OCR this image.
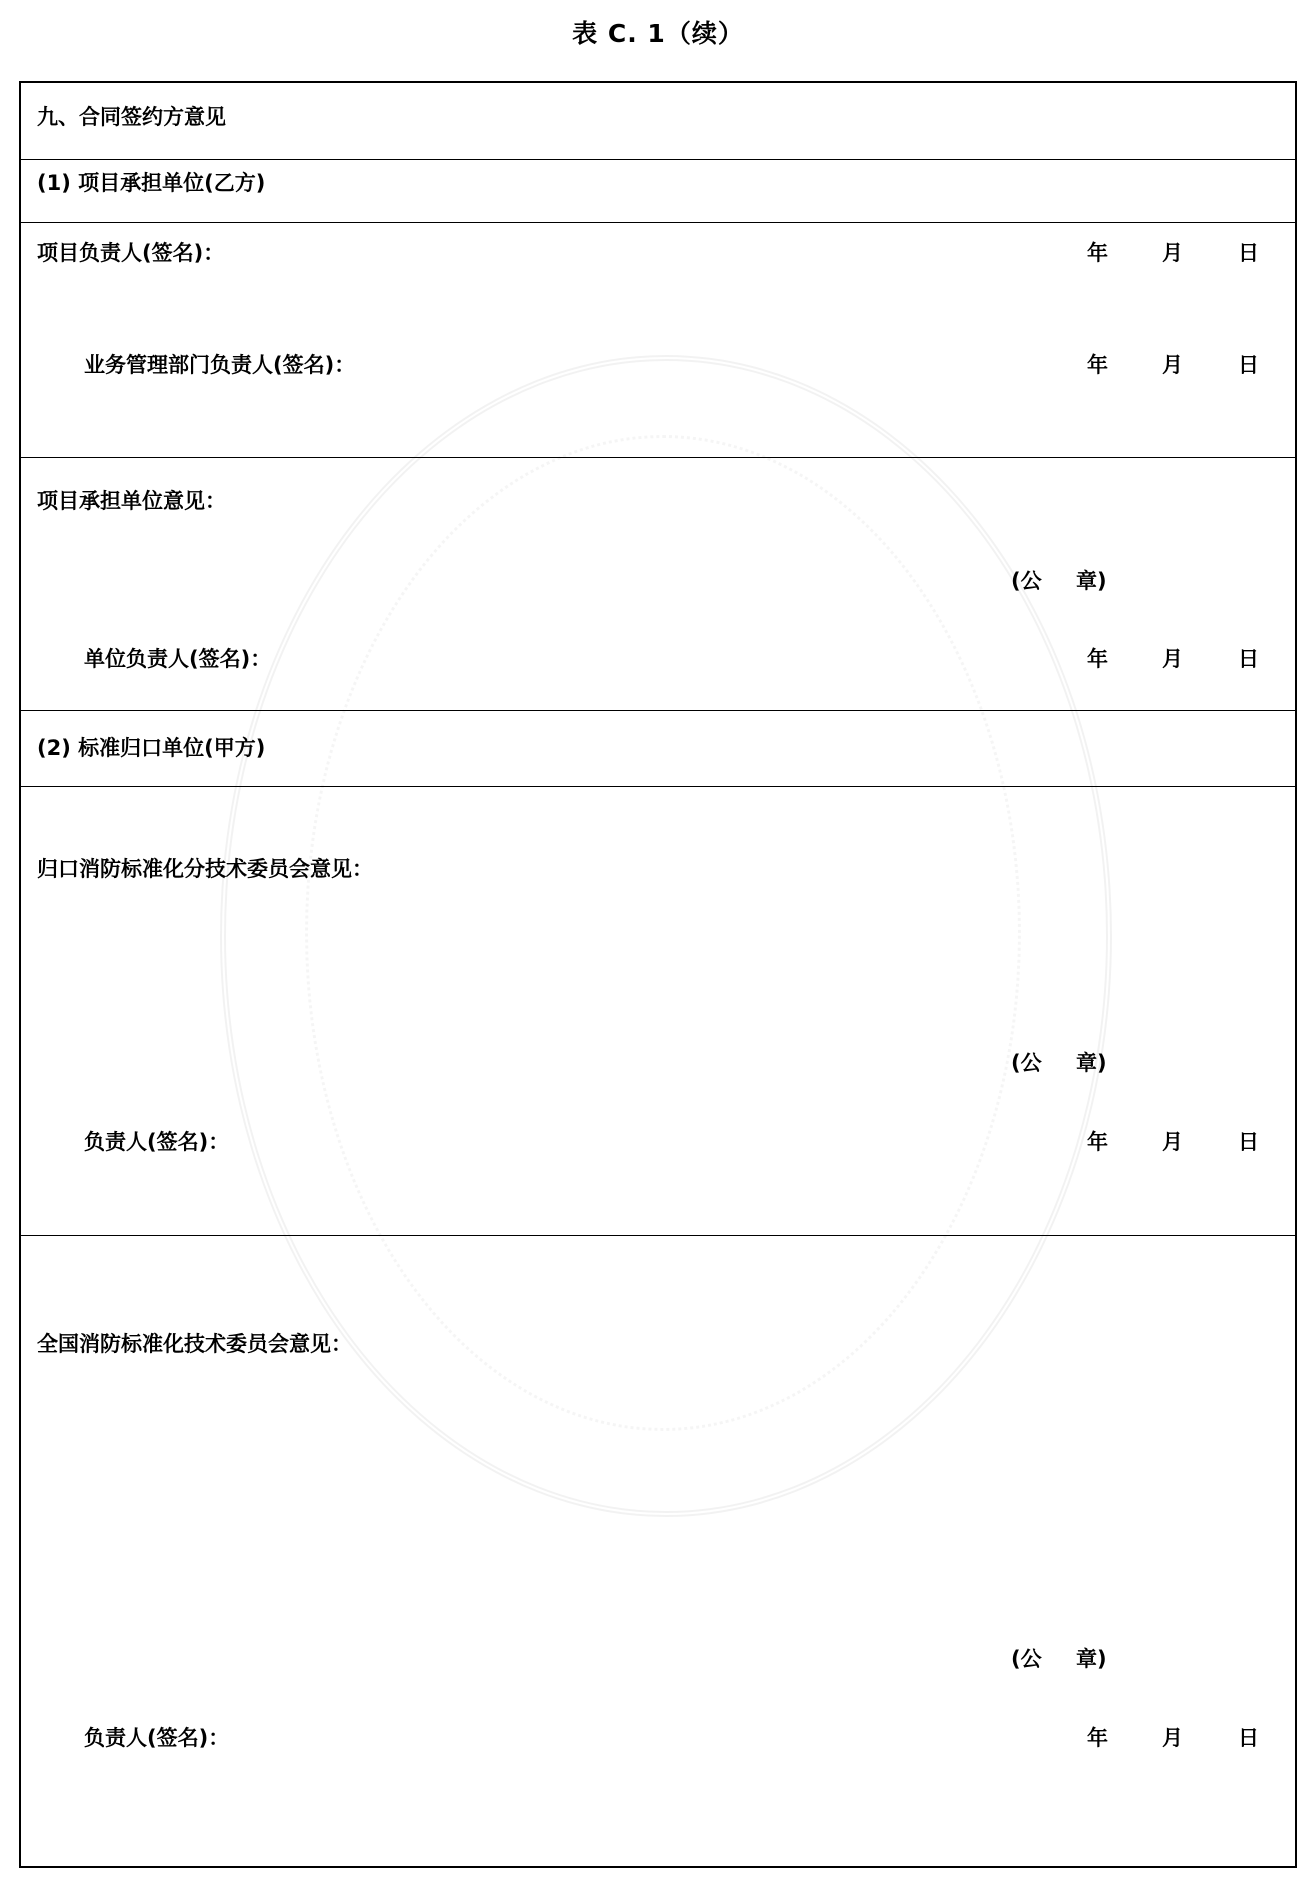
表 C. 1（续）
九、合同签约方意见
(1) 项目承担单位(乙方)
项目负责人(签名)：	年	月	日
业务管理部门负责人(签名)：	年	月	日
项目承担单位意见：
(公 章)
单位负责人(签名)：	年	月	日
(2) 标准归口单位(甲方)
归口消防标准化分技术委员会意见：
(公 章)
负责人(签名)：	年	月	日
全国消防标准化技术委员会意见：
(公 章)
负责人(签名)：	年	月	日
